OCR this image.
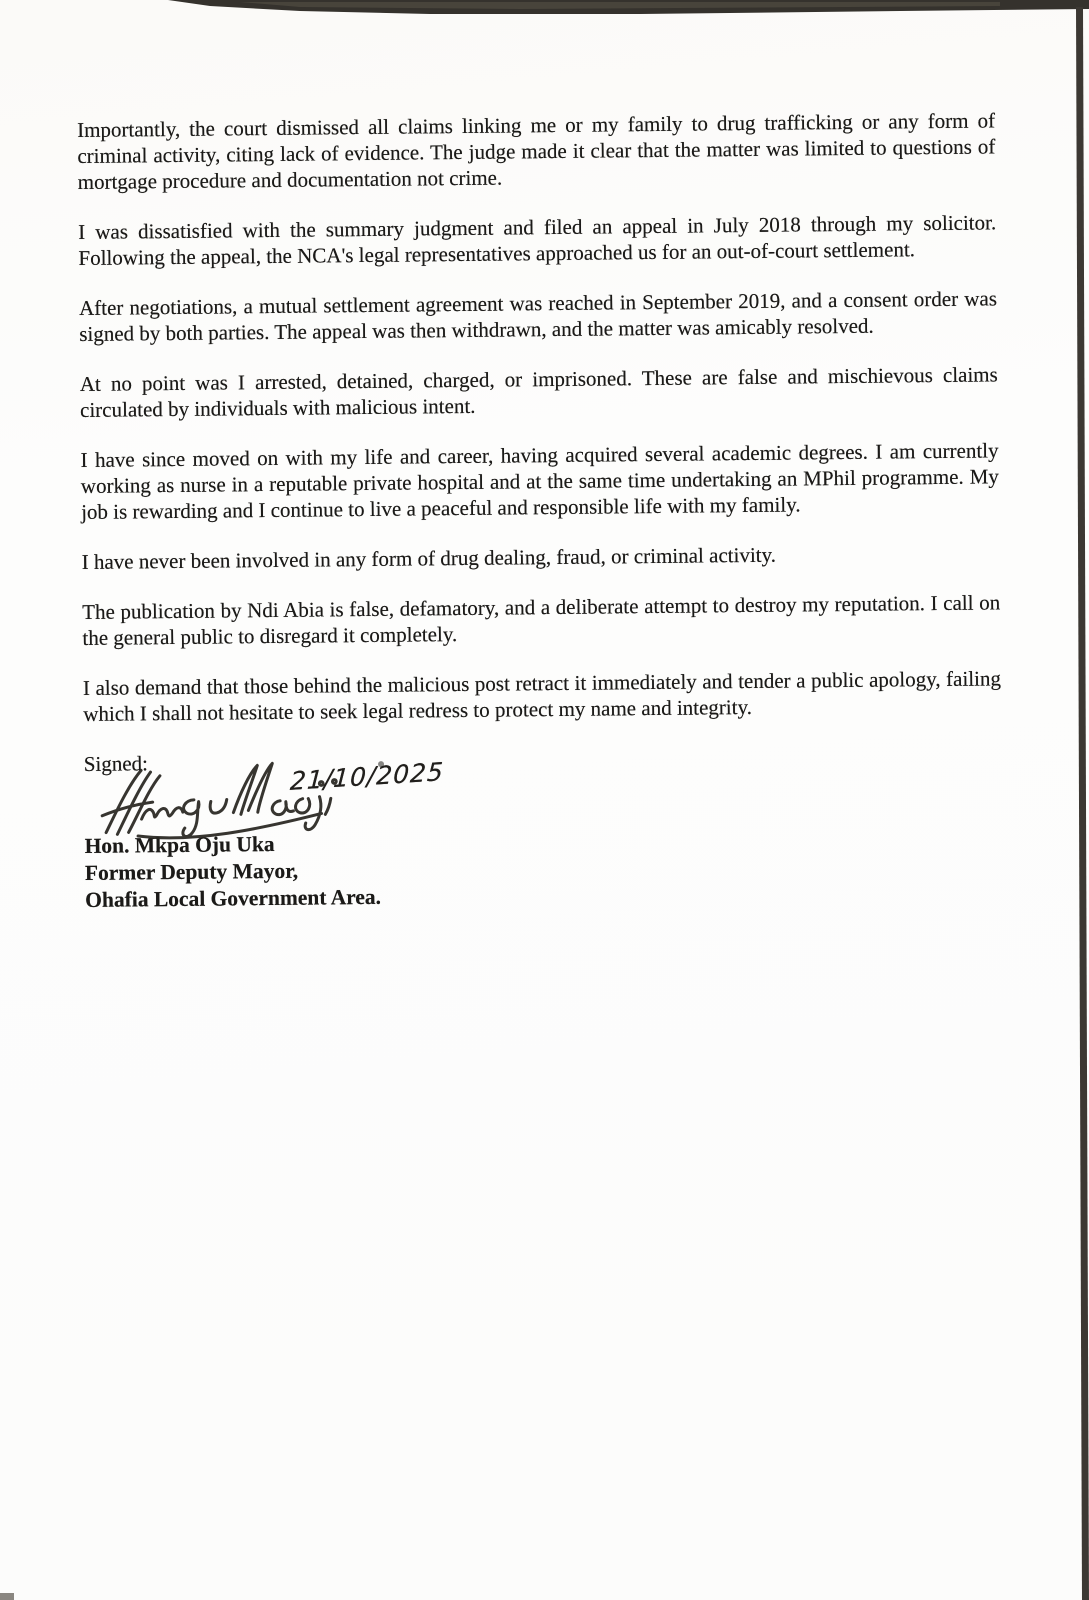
Importantly, the court dismissed all claims linking me or my family to drug trafficking or any form of criminal activity, citing lack of evidence. The judge made it clear that the matter was limited to questions of mortgage procedure and documentation not crime.

I was dissatisfied with the summary judgment and filed an appeal in July 2018 through my solicitor. Following the appeal, the NCA's legal representatives approached us for an out-of-court settlement.

After negotiations, a mutual settlement agreement was reached in September 2019, and a consent order was signed by both parties. The appeal was then withdrawn, and the matter was amicably resolved.

At no point was I arrested, detained, charged, or imprisoned. These are false and mischievous claims circulated by individuals with malicious intent.

I have since moved on with my life and career, having acquired several academic degrees. I am currently working as nurse in a reputable private hospital and at the same time undertaking an MPhil programme. My job is rewarding and I continue to live a peaceful and responsible life with my family.

I have never been involved in any form of drug dealing, fraud, or criminal activity.

The publication by Ndi Abia is false, defamatory, and a deliberate attempt to destroy my reputation. I call on the general public to disregard it completely.

I also demand that those behind the malicious post retract it immediately and tender a public apology, failing which I shall not hesitate to seek legal redress to protect my name and integrity.

Signed:	21/10/2025
Hon. Mkpa Oju Uka
Former Deputy Mayor,
Ohafia Local Government Area.
